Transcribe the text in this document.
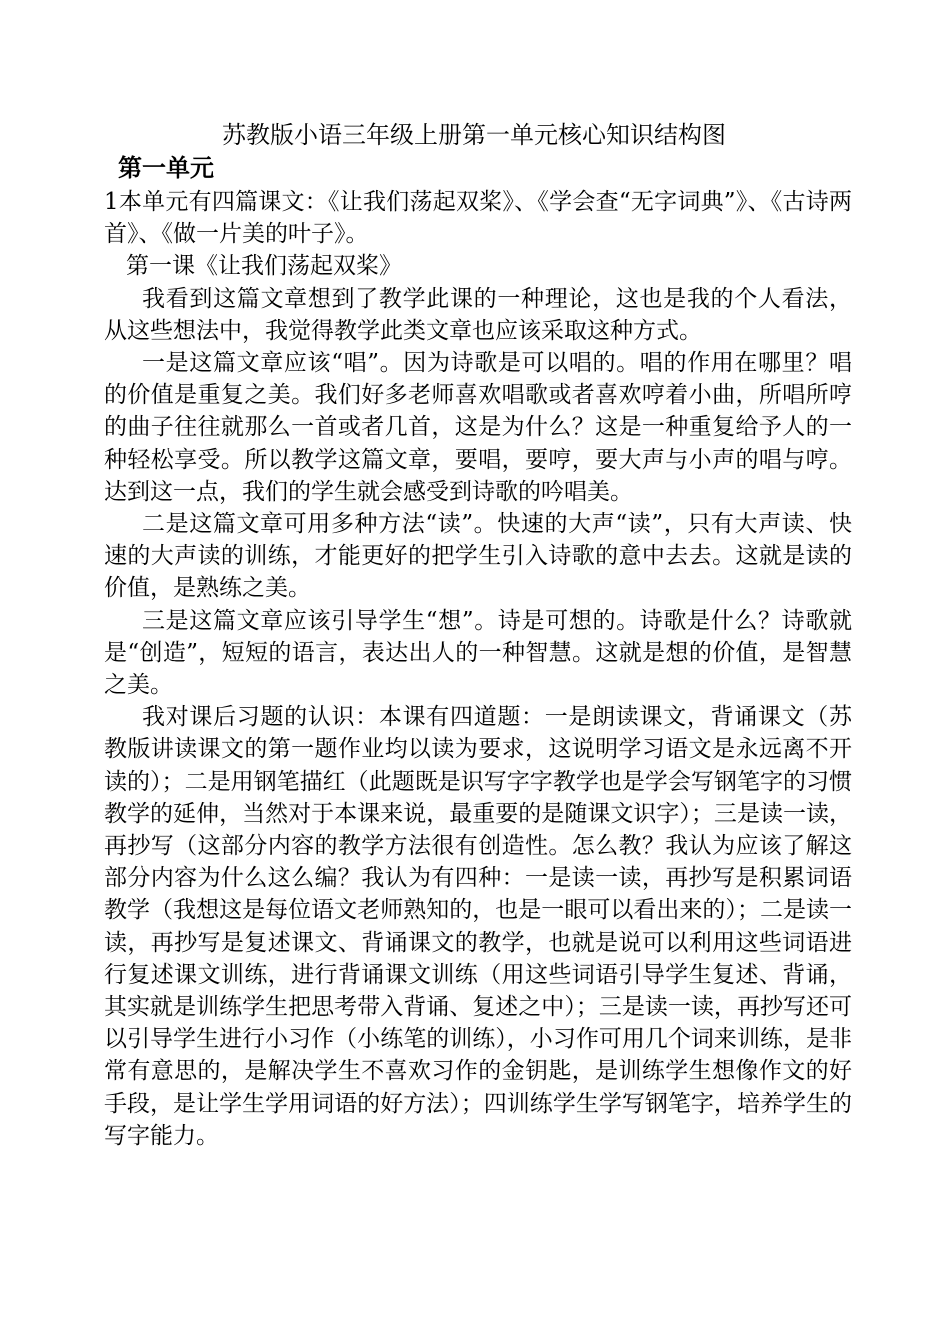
苏教版小语三年级上册第一单元核心知识结构图
第一单元

1本单元有四篇课文：《让我们荡起双桨》、《学会查“无字词典”》、《古诗两首》、《做一片美的叶子》。

第一课《让我们荡起双桨》

我看到这篇文章想到了教学此课的一种理论，这也是我的个人看法，从这些想法中，我觉得教学此类文章也应该采取这种方式。

一是这篇文章应该“唱”。因为诗歌是可以唱的。唱的作用在哪里？唱的价值是重复之美。我们好多老师喜欢唱歌或者喜欢哼着小曲，所唱所哼的曲子往往就那么一首或者几首，这是为什么？这是一种重复给予人的一种轻松享受。所以教学这篇文章，要唱，要哼，要大声与小声的唱与哼。达到这一点，我们的学生就会感受到诗歌的吟唱美。

二是这篇文章可用多种方法“读”。快速的大声“读”，只有大声读、快速的大声读的训练，才能更好的把学生引入诗歌的意中去去。这就是读的价值，是熟练之美。

三是这篇文章应该引导学生“想”。诗是可想的。诗歌是什么？诗歌就是“创造”，短短的语言，表达出人的一种智慧。这就是想的价值，是智慧之美。

我对课后习题的认识：本课有四道题：一是朗读课文，背诵课文（苏教版讲读课文的第一题作业均以读为要求，这说明学习语文是永远离不开读的）；二是用钢笔描红（此题既是识写字字教学也是学会写钢笔字的习惯教学的延伸，当然对于本课来说，最重要的是随课文识字）；三是读一读，再抄写（这部分内容的教学方法很有创造性。怎么教？我认为应该了解这部分内容为什么这么编？我认为有四种：一是读一读，再抄写是积累词语教学（我想这是每位语文老师熟知的，也是一眼可以看出来的）；二是读一读，再抄写是复述课文、背诵课文的教学，也就是说可以利用这些词语进行复述课文训练，进行背诵课文训练（用这些词语引导学生复述、背诵，其实就是训练学生把思考带入背诵、复述之中）；三是读一读，再抄写还可以引导学生进行小习作（小练笔的训练），小习作可用几个词来训练，是非常有意思的，是解决学生不喜欢习作的金钥匙，是训练学生想像作文的好手段，是让学生学用词语的好方法）；四训练学生学写钢笔字，培养学生的写字能力。
